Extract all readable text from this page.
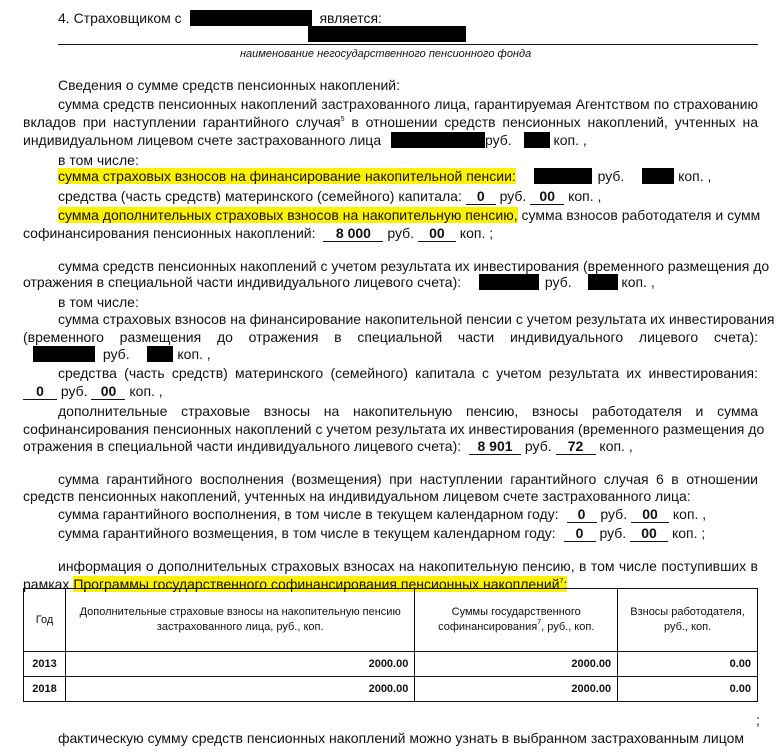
4. Страховщиком с	является:
наименование негосударственного пенсионного фонда
Сведения о сумме средств пенсионных накоплений:
сумма средств пенсионных накоплений застрахованного лица, гарантируемая Агентством по страхованию
вкладов при наступлении гарантийного случая$^5$ в отношении средств пенсионных накоплений, учтенных на
индивидуальном лицевом счете застрахованного лица	руб.	коп. ,
в том числе:
сумма страховых взносов на финансирование накопительной пенсии:	руб.	коп. ,
средства (часть средств) материнского (семейного) капитала: 0 руб. 00 коп. ,
сумма дополнительных страховых взносов на накопительную пенсию, сумма взносов работодателя и сумм
софинансирования пенсионных накоплений: 8 000 руб. 00 коп. ;
сумма средств пенсионных накоплений с учетом результата их инвестирования (временного размещения до
отражения в специальной части индивидуального лицевого счета):	руб.	коп. ,
в том числе:
сумма страховых взносов на финансирование накопительной пенсии с учетом результата их инвестирования
(временного размещения до отражения в специальной части индивидуального лицевого счета):
руб.	коп. ,
средства (часть средств) материнского (семейного) капитала с учетом результата их инвестирования:
0 руб. 00 коп. ,
дополнительные страховые взносы на накопительную пенсию, взносы работодателя и сумма
софинансирования пенсионных накоплений с учетом результата их инвестирования (временного размещения до
отражения в специальной части индивидуального лицевого счета): 8 901 руб. 72 коп. ,
сумма гарантийного восполнения (возмещения) при наступлении гарантийного случая 6 в отношении
средств пенсионных накоплений, учтенных на индивидуальном лицевом счете застрахованного лица:
сумма гарантийного восполнения, в том числе в текущем календарном году: 0 руб. 00 коп. ,
сумма гарантийного возмещения, в том числе в текущем календарном году: 0 руб. 00 коп. ;
информация о дополнительных страховых взносах на накопительную пенсию, в том числе поступивших в
рамках Программы государственного софинансирования пенсионных накоплений$^7$:
Год	Дополнительные страховые взносы на накопительную пенсию застрахованного лица, руб., коп.	Суммы государственного
софинансирования$^7$, руб., коп.	Взносы работодателя, руб., коп.
2013	2000.00	2000.00	0.00
2018	2000.00	2000.00	0.00
;
фактическую сумму средств пенсионных накоплений можно узнать в выбранном застрахованным лицом
